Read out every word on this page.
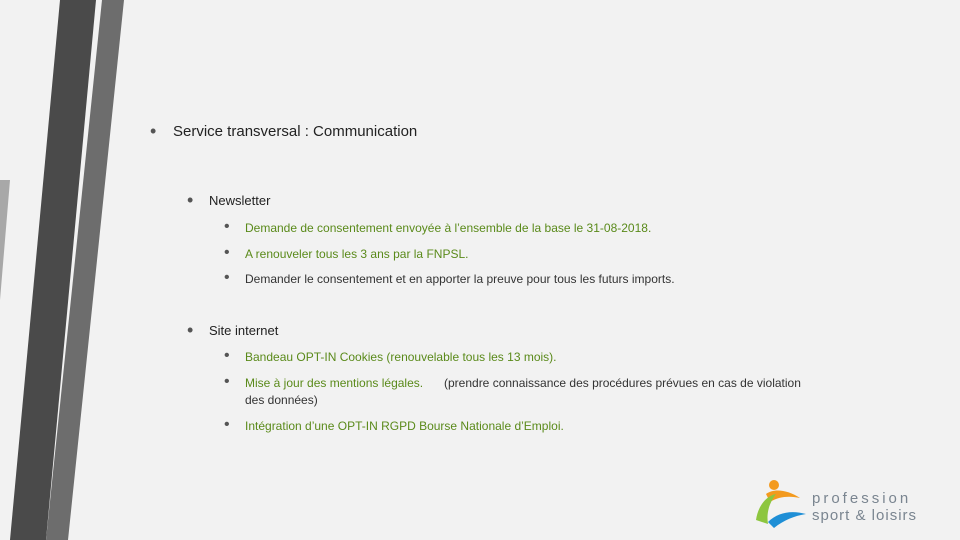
• Service transversal : Communication
• Newsletter
• Demande de consentement envoyée à l’ensemble de la base le 31-08-2018.
• A renouveler tous les 3 ans par la FNPSL.
• Demander le consentement et en apporter la preuve pour tous les futurs imports.
• Site internet
• Bandeau OPT-IN Cookies (renouvelable tous les 13 mois).
• Mise à jour des mentions légales. (prendre connaissance des procédures prévues en cas de violation
des données)
• Intégration d’une OPT-IN RGPD Bourse Nationale d’Emploi.
profession
sport & loisirs
